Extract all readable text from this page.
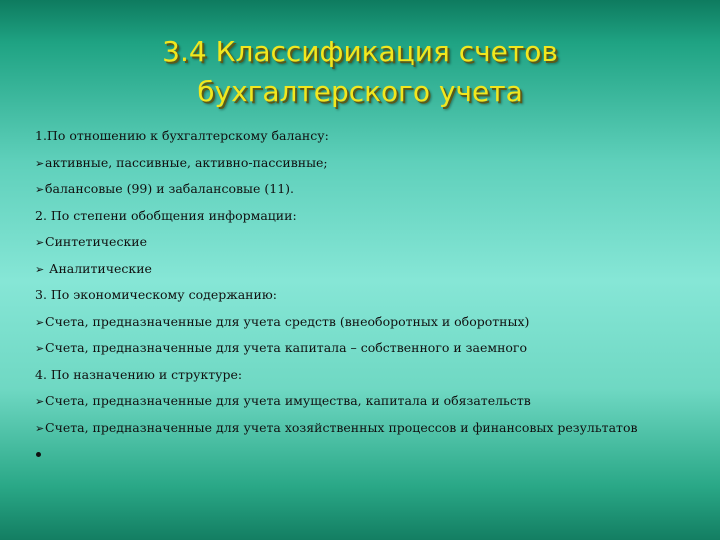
3.4 Классификация счетов
бухгалтерского учета
1.По отношению к бухгалтерскому балансу:
➢активные, пассивные, активно-пассивные;
➢балансовые (99) и забалансовые (11).
2. По степени обобщения информации:
➢Синтетические
➢ Аналитические
3. По экономическому содержанию:
➢Счета, предназначенные для учета средств (внеоборотных и оборотных)
➢Счета, предназначенные для учета капитала – собственного и заемного
4. По назначению и структуре:
➢Счета, предназначенные для учета имущества, капитала и обязательств
➢Счета, предназначенные для учета хозяйственных процессов и финансовых результатов
